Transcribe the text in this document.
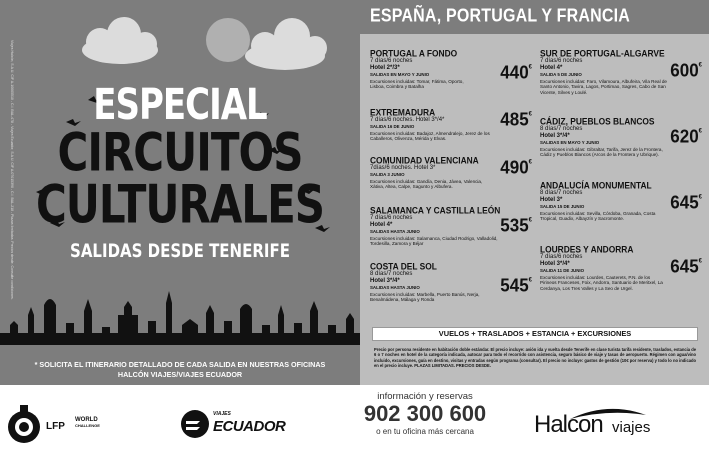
Viajes Halcón, S.A.U. CIF A-10005510 - C.I. BAL-478 - Viajes Ecuador, S.A.U. CIF A-07015390 - C.I. BAL-218 - Plazas limitadas. Precios desde. Consulte condiciones.	ESPECIAL
CIRCUITOS
CULTURALES
SALIDAS DESDE TENERIFE
* SOLICITA EL ITINERARIO DETALLADO DE CADA SALIDA EN NUESTRAS OFICINAS
HALCÓN VIAJES/VIAJES ECUADOR
ESPAÑA, PORTUGAL Y FRANCIA
PORTUGAL A FONDO
7 días/6 noches
Hotel 2*/3*
SALIDAS EN MAYO Y JUNIO
Excursiones incluidas: Tomar, Fátima, Oporto, Lisboa, Coimbra y Batalha
440€
EXTREMADURA
7 días/6 noches. Hotel 3*/4*
SALIDA 16 DE JUNIO
Excursiones incluidas: Badajoz, Almendralejo, Jerez de los Caballeros, Olivenza, Mérida y Elvas.
485€
COMUNIDAD VALENCIANA
7días/6 noches. Hotel 3*
SALIDA 3 JUNIO
Excursiones incluidas: Gandía, Denia, Jávea, Valencia, Xàtiva, Altea, Calpe, Sagunto y Albufera.
490€
SALAMANCA Y CASTILLA LEÓN
7 días/6 noches
Hotel 4*
SALIDAS HASTA JUNIO
Excursiones incluidas: Salamanca, Ciudad Rodrigo, Valladolid, Tordesilla, Zamora y Béjar
535€
COSTA DEL SOL
8 días/7 noches
Hotel 3*/4*
SALIDAS HASTA JUNIO
Excursiones incluidas: Marbella, Puerto Banús, Nerja, Benalmádena, Málaga y Ronda
545€
SUR DE PORTUGAL-ALGARVE
7 días/6 noches
Hotel 4*
SALIDA 5 DE JUNIO
Excursiones incluidas: Faro, Vilamoura, Albufeira, Vila Real de Santo Antonio, Tavira, Lagos, Portimao, Sagres, Cabo de San Vicente, Silves y Loulé.
600€
CÁDIZ, PUEBLOS BLANCOS
8 días/7 noches
Hotel 3*/4*
SALIDAS EN MAYO Y JUNIO
Excursiones incluidas: Gibraltar, Tarifa, Jerez de la Frontera, Cádiz y Pueblos Blancos (Arcos de la Frontera y Ubrique).
620€
ANDALUCÍA MONUMENTAL
8 días/7 noches
Hotel 3*
SALIDA 15 DE JUNIO
Excursiones incluidas: Sevilla, Córdoba, Granada, Costa Tropical, Guadix, Albayzín y Sacromonte.
645€
LOURDES Y ANDORRA
7 días/6 noches
Hotel 3*/4*
SALIDA 11 DE JUNIO
Excursiones incluidas: Lourdes, Cauterets, P.N. de los Pirineos Franceses, Foix, Andorra, Santuario de Meritxel, La Cerdanya, Los Tres Valles y La Seo de Urgel.
645€
VUELOS + TRASLADOS + ESTANCIA + EXCURSIONES
Precio por persona residente en habitación doble estándar. El precio incluye: avión ida y vuelta desde Tenerife en clase turista tarifa residente, traslados, estancia de 6 o 7 noches en hotel de la categoría indicada, autocar para todo el recorrido con asistencia, seguro básico de viaje y tasas de aeropuerto. Régimen con agua/vino incluido, excursiones, guía en destino, visitas y entradas según programa (consultar). El precio no incluye: gastos de gestión (10€ por reserva) y todo lo no indicado en el precio incluye. PLAZAS LIMITADAS. PRECIOS DESDE.
LFP
WORLD
CHALLENGE
VIAJES
ECUADOR
información y reservas
902 300 600
o en tu oficina más cercana	Halcon viajes
